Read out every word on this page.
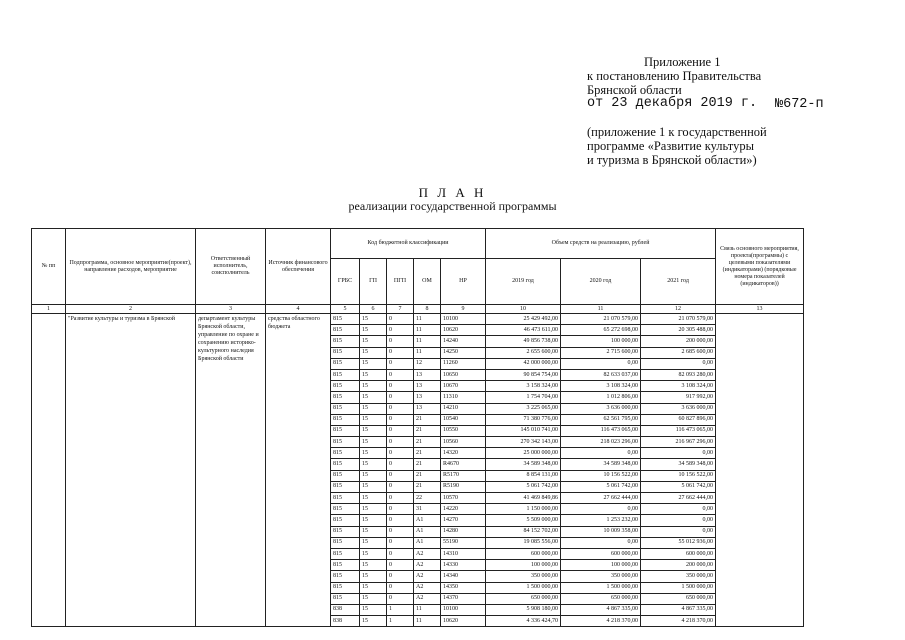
Приложение 1
к постановлению Правительства
Брянской области
от 23 декабря 2019 г. №672-п
(приложение 1 к государственной
программе «Развитие культуры
и туризма в Брянской области»)
П Л А Н
реализации государственной программы
№ пп	Подпрограмма, основное мероприятие(проект), направление расходов, мероприятие	Ответственный исполнитель, соисполнитель	Источник финансового обеспечения	Код бюджетной классификации					Объем средств на реализацию, рублей			Связь основного мероприятия, проекта(программы) с целевыми показателями (индикаторами) (порядковые номера показателей (индикаторов))
				ГРБС	ГП	ПГП	ОМ	НР	2019 год	2020 год	2021 год	
1	2	3	4	5	6	7	8	9	10	11	12	13
	"Развитие культуры и туризма в Брянской	департамент культуры Брянской области, управление по охране и сохранению историко-культурного наследия Брянской области	средства областного бюджета	815	15	0	11	10100	25 429 492,00	21 070 579,00	21 070 579,00	
				815	15	0	11	10620	46 473 611,00	65 272 698,00	20 305 488,00	
				815	15	0	11	14240	49 856 738,00	100 000,00	200 000,00	
				815	15	0	11	14250	2 655 600,00	2 715 600,00	2 685 600,00	
				815	15	0	12	11260	42 000 000,00	0,00	0,00	
				815	15	0	13	10650	90 854 754,00	82 633 037,00	82 093 280,00	
				815	15	0	13	10670	3 158 324,00	3 108 324,00	3 108 324,00	
				815	15	0	13	11310	1 754 704,00	1 012 806,00	917 992,00	
				815	15	0	13	14210	3 225 065,00	3 636 000,00	3 636 000,00	
				815	15	0	21	10540	71 380 776,00	62 561 795,00	60 827 896,00	
				815	15	0	21	10550	145 010 741,00	116 473 065,00	116 473 065,00	
				815	15	0	21	10560	270 342 143,00	218 023 296,00	216 967 296,00	
				815	15	0	21	14320	25 000 000,00	0,00	0,00	
				815	15	0	21	R4670	34 589 348,00	34 589 348,00	34 589 348,00	
				815	15	0	21	R5170	8 854 131,00	10 156 522,00	10 156 522,00	
				815	15	0	21	R5190	5 061 742,00	5 061 742,00	5 061 742,00	
				815	15	0	22	10570	41 469 849,86	27 662 444,00	27 662 444,00	
				815	15	0	31	14220	1 150 000,00	0,00	0,00	
				815	15	0	A1	14270	5 509 000,00	1 253 232,00	0,00	
				815	15	0	A1	14280	84 152 702,00	10 009 358,00	0,00	
				815	15	0	A1	55190	19 085 556,00	0,00	55 012 936,00	
				815	15	0	A2	14310	600 000,00	600 000,00	600 000,00	
				815	15	0	A2	14330	100 000,00	100 000,00	200 000,00	
				815	15	0	A2	14340	350 000,00	350 000,00	350 000,00	
				815	15	0	A2	14350	1 500 000,00	1 500 000,00	1 500 000,00	
				815	15	0	A2	14370	650 000,00	650 000,00	650 000,00	
				838	15	1	11	10100	5 908 180,00	4 867 335,00	4 867 335,00	
				838	15	1	11	10620	4 336 424,70	4 218 370,00	4 218 370,00	
